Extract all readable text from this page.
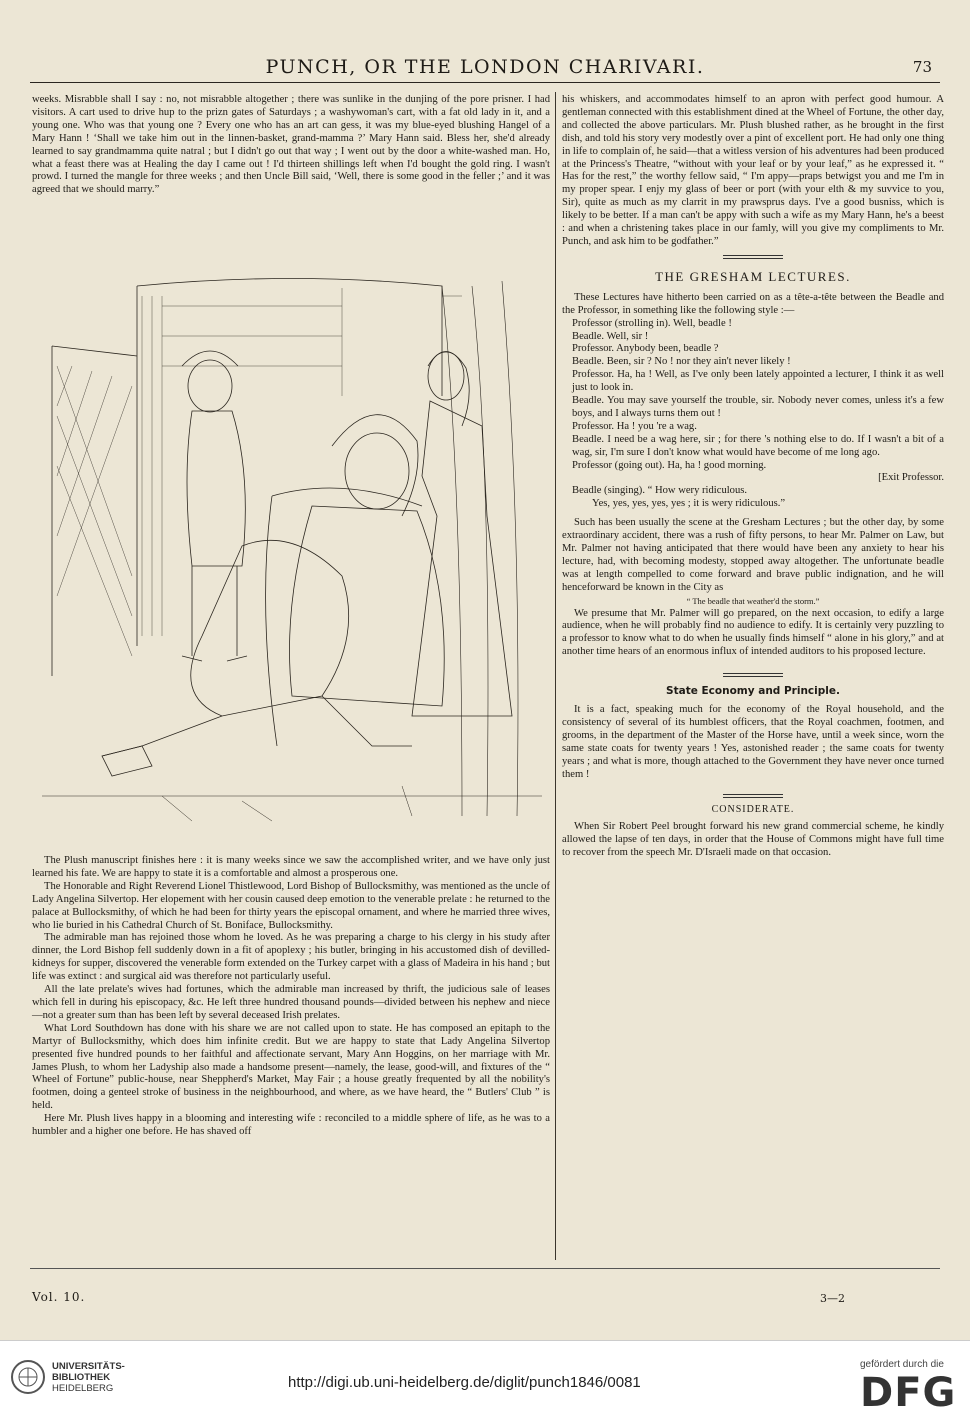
PUNCH, OR THE LONDON CHARIVARI.	73

weeks. Misrabble shall I say : no, not misrabble altogether ; there was sunlike in the dunjing of the pore prisner. I had visitors. A cart used to drive hup to the prizn gates of Saturdays ; a washywoman's cart, with a fat old lady in it, and a young one. Who was that young one ? Every one who has an art can gess, it was my blue-eyed blushing Hangel of a Mary Hann ! ‘Shall we take him out in the linnen-basket, grand-mamma ?’ Mary Hann said. Bless her, she'd already learned to say grandmamma quite natral ; but I didn't go out that way ; I went out by the door a white-washed man. Ho, what a feast there was at Healing the day I came out ! I'd thirteen shillings left when I'd bought the gold ring. I wasn't prowd. I turned the mangle for three weeks ; and then Uncle Bill said, ‘Well, there is some good in the feller ;’ and it was agreed that we should marry.”

The Plush manuscript finishes here : it is many weeks since we saw the accomplished writer, and we have only just learned his fate. We are happy to state it is a comfortable and almost a prosperous one.

The Honorable and Right Reverend Lionel Thistlewood, Lord Bishop of Bullocksmithy, was mentioned as the uncle of Lady Angelina Silvertop. Her elopement with her cousin caused deep emotion to the venerable prelate : he returned to the palace at Bullocksmithy, of which he had been for thirty years the episcopal ornament, and where he married three wives, who lie buried in his Cathedral Church of St. Boniface, Bullocksmithy.

The admirable man has rejoined those whom he loved. As he was preparing a charge to his clergy in his study after dinner, the Lord Bishop fell suddenly down in a fit of apoplexy ; his butler, bringing in his accustomed dish of devilled-kidneys for supper, discovered the venerable form extended on the Turkey carpet with a glass of Madeira in his hand ; but life was extinct : and surgical aid was therefore not particularly useful.

All the late prelate's wives had fortunes, which the admirable man increased by thrift, the judicious sale of leases which fell in during his episcopacy, &c. He left three hundred thousand pounds—divided between his nephew and niece—not a greater sum than has been left by several deceased Irish prelates.

What Lord Southdown has done with his share we are not called upon to state. He has composed an epitaph to the Martyr of Bullocksmithy, which does him infinite credit. But we are happy to state that Lady Angelina Silvertop presented five hundred pounds to her faithful and affectionate servant, Mary Ann Hoggins, on her marriage with Mr. James Plush, to whom her Ladyship also made a handsome present—namely, the lease, good-will, and fixtures of the “ Wheel of Fortune” public-house, near Sheppherd's Market, May Fair ; a house greatly frequented by all the nobility's footmen, doing a genteel stroke of business in the neighbourhood, and where, as we have heard, the “ Butlers' Club ” is held.

Here Mr. Plush lives happy in a blooming and interesting wife : reconciled to a middle sphere of life, as he was to a humbler and a higher one before. He has shaved off

his whiskers, and accommodates himself to an apron with perfect good humour. A gentleman connected with this establishment dined at the Wheel of Fortune, the other day, and collected the above particulars. Mr. Plush blushed rather, as he brought in the first dish, and told his story very modestly over a pint of excellent port. He had only one thing in life to complain of, he said—that a witless version of his adventures had been produced at the Princess's Theatre, “without with your leaf or by your leaf,” as he expressed it. “ Has for the rest,” the worthy fellow said, “ I'm appy—praps betwigst you and me I'm in my proper spear. I enjy my glass of beer or port (with your elth & my suvvice to you, Sir), quite as much as my clarrit in my prawsprus days. I've a good busniss, which is likely to be better. If a man can't be appy with such a wife as my Mary Hann, he's a beest : and when a christening takes place in our famly, will you give my compliments to Mr. Punch, and ask him to be godfather.”

THE GRESHAM LECTURES.

These Lectures have hitherto been carried on as a tête-a-tête between the Beadle and the Professor, in something like the following style :—

Professor (strolling in). Well, beadle !

Beadle. Well, sir !

Professor. Anybody been, beadle ?

Beadle. Been, sir ? No ! nor they ain't never likely !

Professor. Ha, ha ! Well, as I've only been lately appointed a lecturer, I think it as well just to look in.

Beadle. You may save yourself the trouble, sir. Nobody never comes, unless it's a few boys, and I always turns them out !

Professor. Ha ! you 're a wag.

Beadle. I need be a wag here, sir ; for there 's nothing else to do. If I wasn't a bit of a wag, sir, I'm sure I don't know what would have become of me long ago.

Professor (going out). Ha, ha ! good morning.

[Exit Professor.

Beadle (singing). “ How wery ridiculous.

Yes, yes, yes, yes, yes ; it is wery ridiculous.”

Such has been usually the scene at the Gresham Lectures ; but the other day, by some extraordinary accident, there was a rush of fifty persons, to hear Mr. Palmer on Law, but Mr. Palmer not having anticipated that there would have been any anxiety to hear his lecture, had, with becoming modesty, stopped away altogether. The unfortunate beadle was at length compelled to come forward and brave public indignation, and he will henceforward be known in the City as

“ The beadle that weather'd the storm.”

We presume that Mr. Palmer will go prepared, on the next occasion, to edify a large audience, when he will probably find no audience to edify. It is certainly very puzzling to a professor to know what to do when he usually finds himself “ alone in his glory,” and at another time hears of an enormous influx of intended auditors to his proposed lecture.

State Economy and Principle.

It is a fact, speaking much for the economy of the Royal household, and the consistency of several of its humblest officers, that the Royal coachmen, footmen, and grooms, in the department of the Master of the Horse have, until a week since, worn the same state coats for twenty years ! Yes, astonished reader ; the same coats for twenty years ; and what is more, though attached to the Government they have never once turned them !

CONSIDERATE.

When Sir Robert Peel brought forward his new grand commercial scheme, he kindly allowed the lapse of ten days, in order that the House of Commons might have full time to recover from the speech Mr. D'Israeli made on that occasion.

Vol. 10.	3—2
UNIVERSITÄTS-
BIBLIOTHEK
HEIDELBERG	http://digi.ub.uni-heidelberg.de/diglit/punch1846/0081
gefördert durch die
DFG
